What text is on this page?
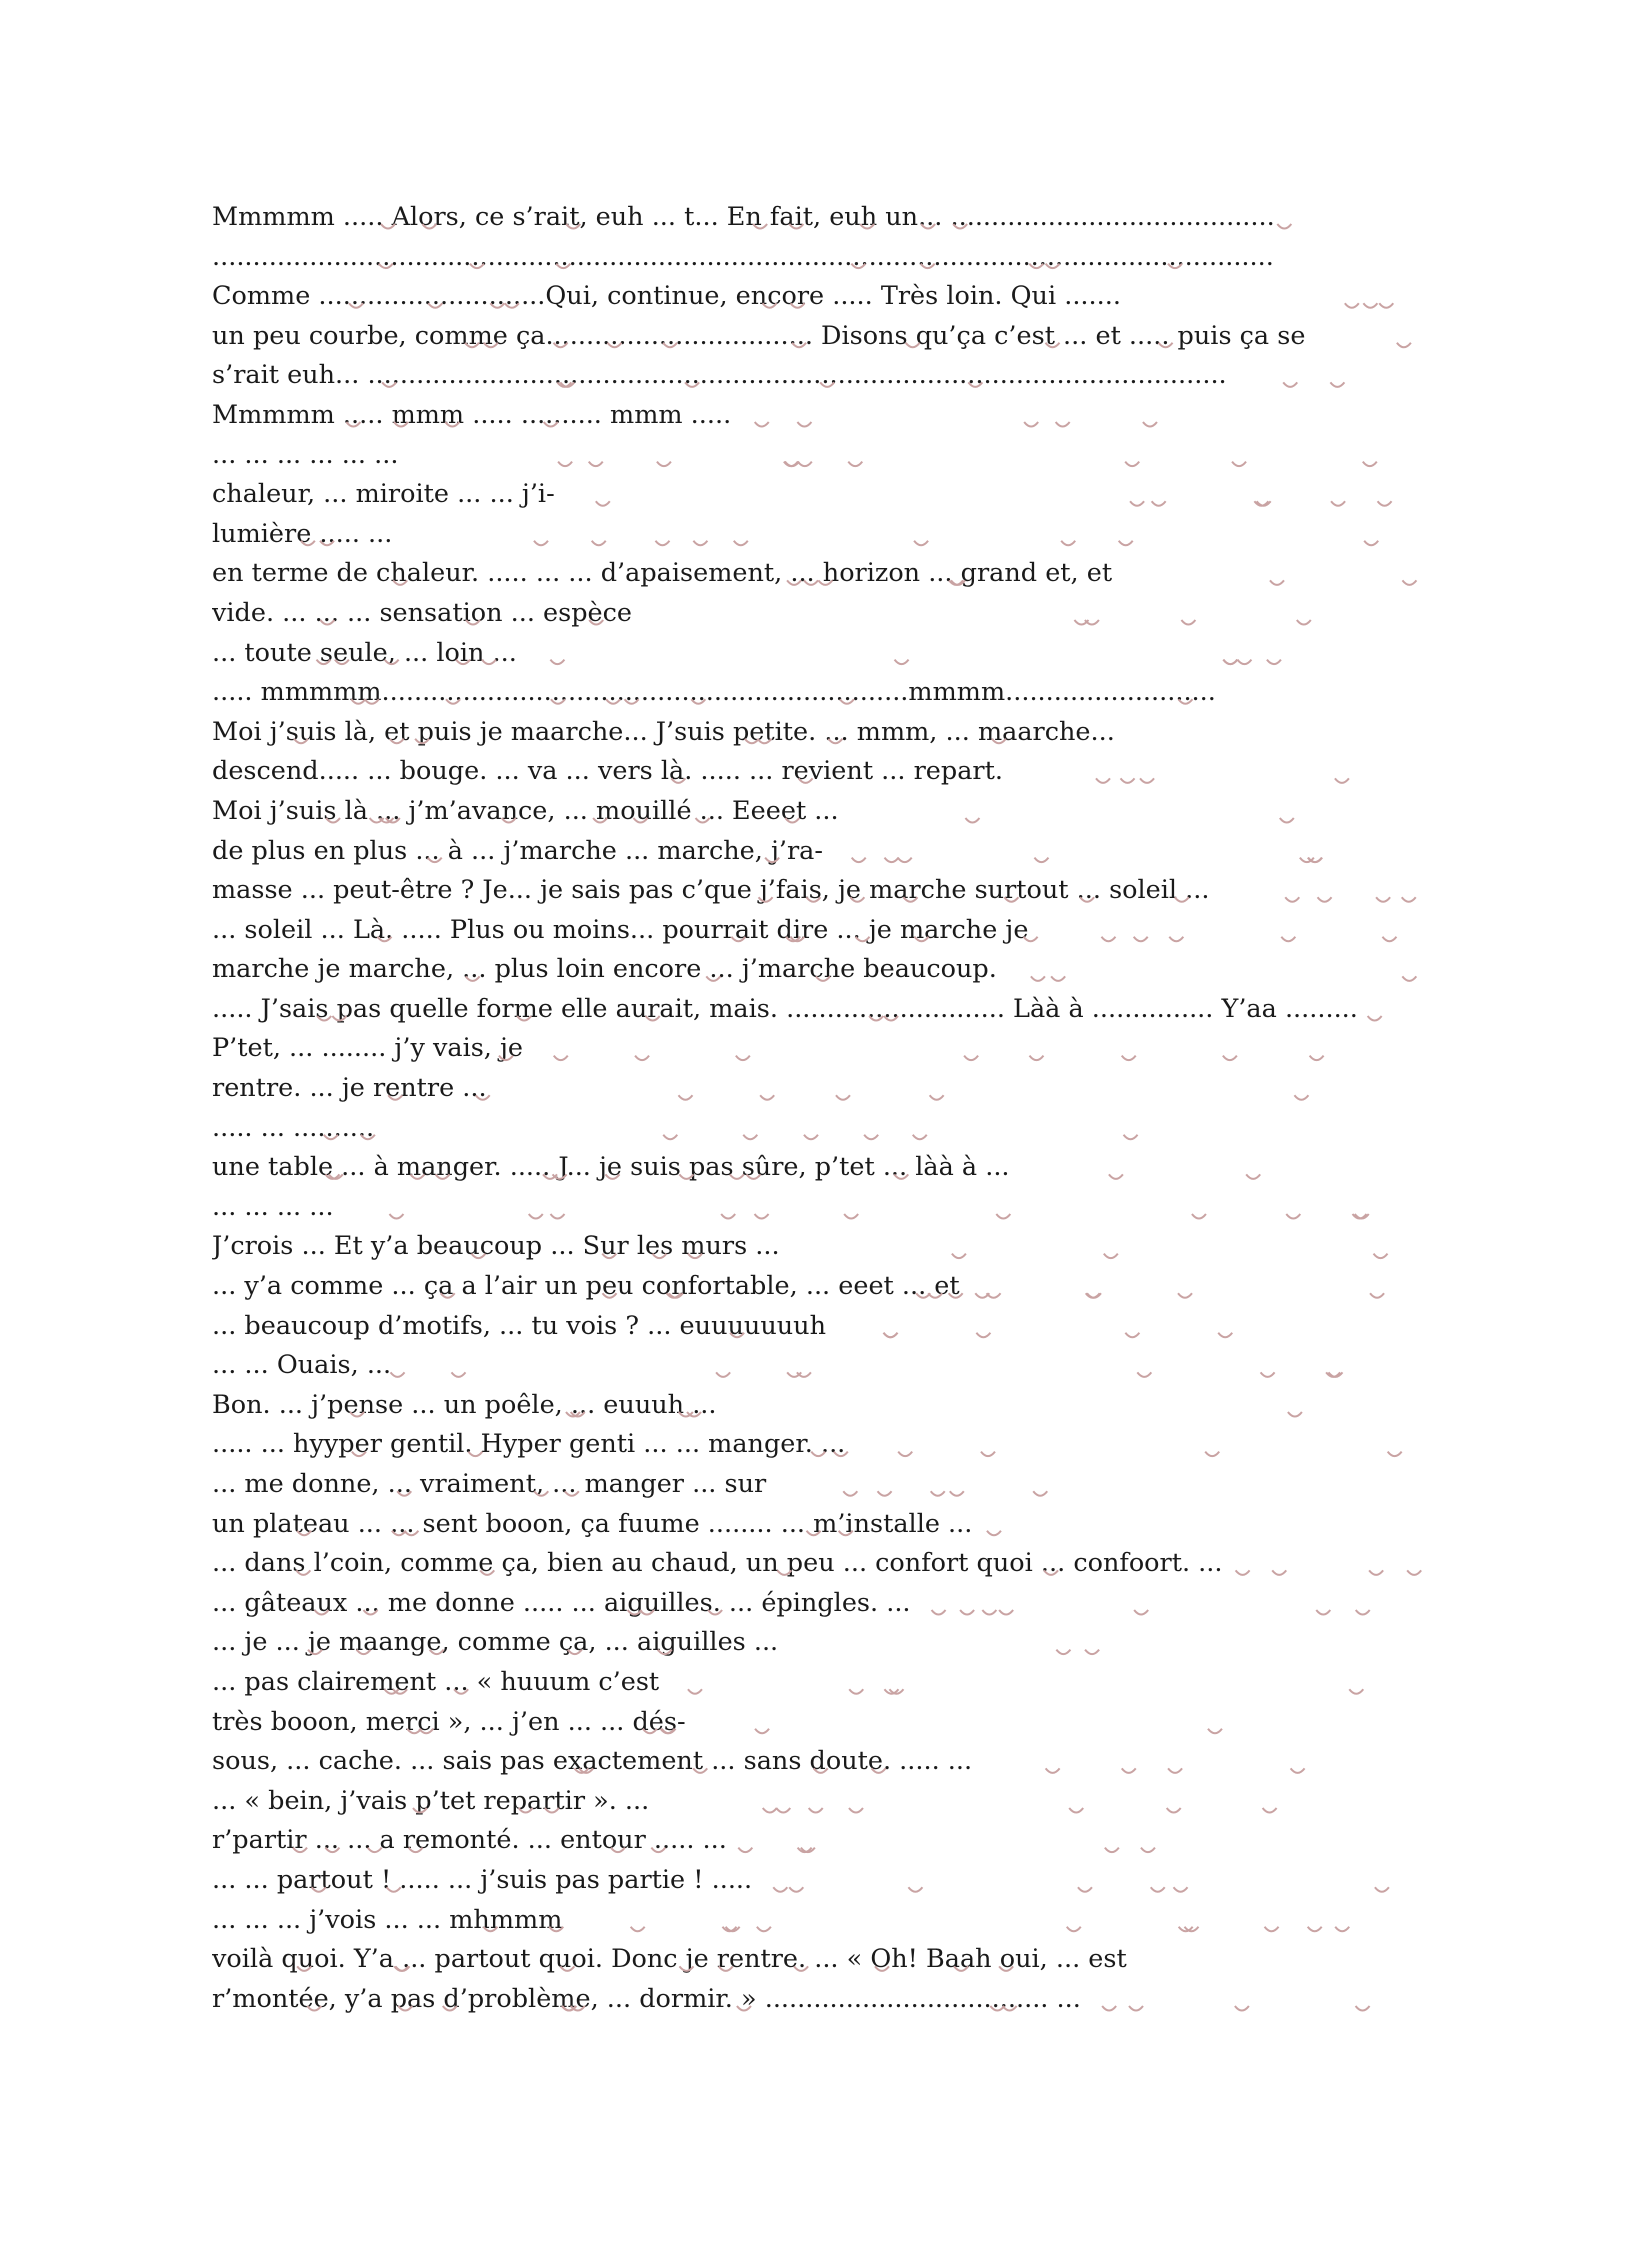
Mmmmm ..... Alors, ce s’rait, euh ... t... En fait, euh un... ........................................
...................................................................................................................................
Comme ............................Qui, continue, encore ..... Très loin. Qui .......
un peu courbe, comme ça................................. Disons qu’ça c’est ... et ..... puis ça se
s’rait euh... ..........................................................................................................
Mmmmm ..... mmm ..... .......... mmm .....
... ... ... ... ... ...
chaleur, ... miroite ... ... j’i-
lumière ..... ...
en terme de chaleur. ..... ... ... d’apaisement, ... horizon ... grand et, et
vide. ... ... ... sensation ... espèce
... toute seule, ... loin ...
..... mmmmm.................................................................mmmm..........................
Moi j’suis là, et puis je maarche... J’suis petite. ... mmm, ... maarche...
descend..... ... bouge. ... va ... vers là. ..... ... revient ... repart.
Moi j’suis là ... j’m’avance, ... mouillé ... Eeeet ...
de plus en plus ... à ... j’marche ... marche, j’ra-
masse ... peut-être ? Je... je sais pas c’que j’fais, je marche surtout ... soleil ...
... soleil ... Là. ..... Plus ou moins... pourrait dire ... je marche je
marche je marche, ... plus loin encore ... j’marche beaucoup.
..... J’sais pas quelle forme elle aurait, mais. ........................... Làà à ............... Y’aa .........
P’tet, ... ........ j’y vais, je
rentre. ... je rentre ...
..... ... ..........
une table ... à manger. ..... J... je suis pas sûre, p’tet ... làà à ...
... ... ... ...
J’crois ... Et y’a beaucoup ... Sur les murs ...
... y’a comme ... ça a l’air un peu confortable, ... eeet ... et
... beaucoup d’motifs, ... tu vois ? ... euuuuuuuh
... ... Ouais, ...
Bon. ... j’pense ... un poêle, ... euuuh ...
..... ... hyyper gentil. Hyper genti ... ... manger. ...
... me donne, ... vraiment, ... manger ... sur
un plateau ... ... sent booon, ça fuume ........ ... m’installe ...
... dans l’coin, comme ça, bien au chaud, un peu ... confort quoi ... confoort. ...
... gâteaux ... me donne ..... ... aiguilles. ... épingles. ...
... je ... je maange, comme ça, ... aiguilles ...
... pas clairement ... « huuum c’est
très booon, merci », ... j’en ... ... dés-
sous, ... cache. ... sais pas exactement ... sans doute. ..... ...
... « bein, j’vais p’tet repartir ». ...
r’partir ... ... a remonté. ... entour ..... ...
... ... partout ! ..... ... j’suis pas partie ! .....
... ... ... j’vois ... ... mhmmm
voilà quoi. Y’a ... partout quoi. Donc je rentre. ... « Oh! Baah oui, ... est
r’montée, y’a pas d’problème, ... dormir. » ................................... ...
